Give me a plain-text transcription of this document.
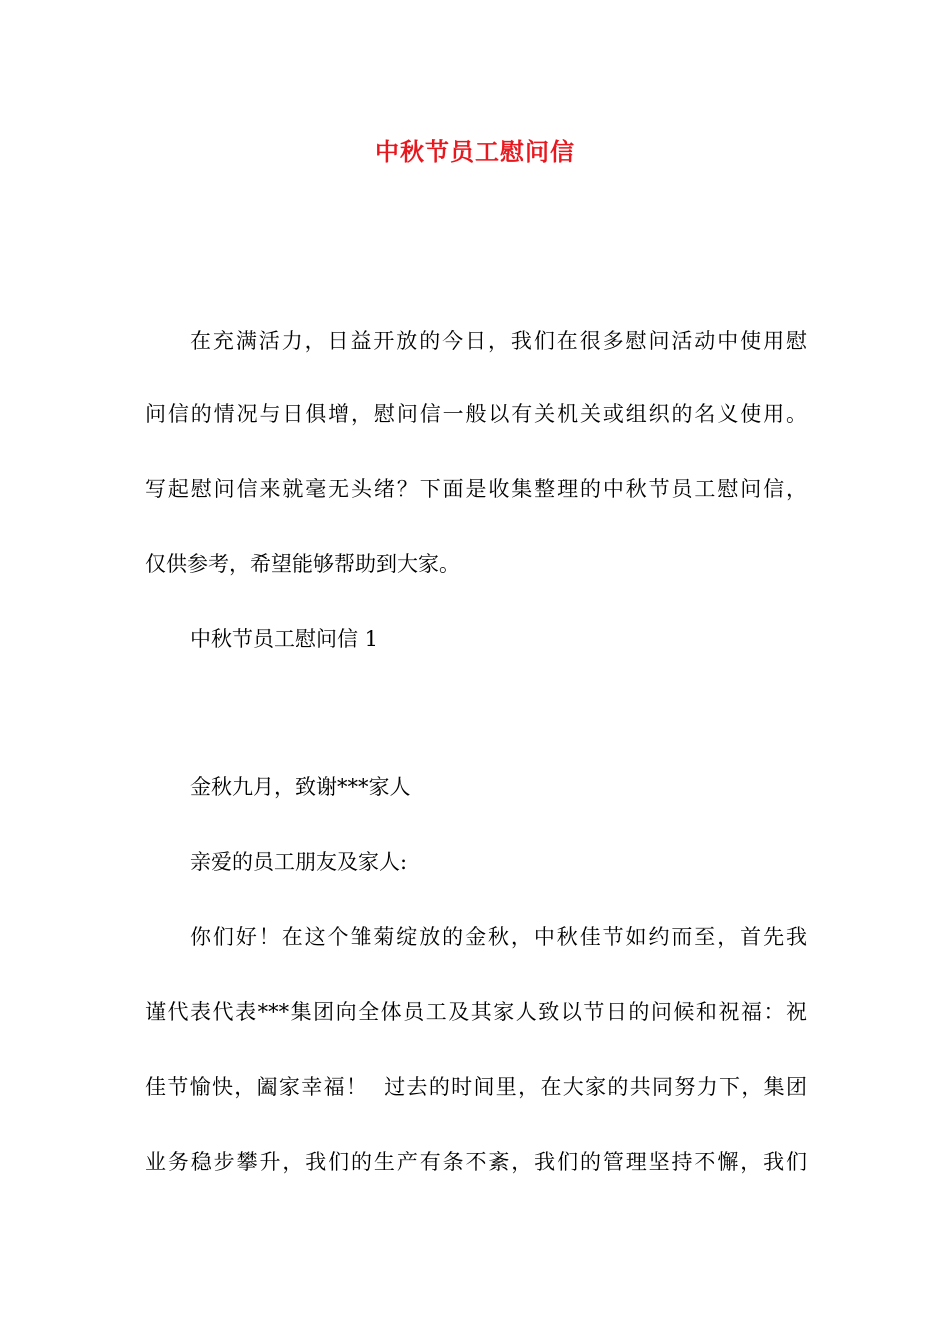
中秋节员工慰问信
在充满活力，日益开放的今日，我们在很多慰问活动中使用慰
问信的情况与日俱增，慰问信一般以有关机关或组织的名义使用。
写起慰问信来就毫无头绪？下面是收集整理的中秋节员工慰问信，
仅供参考，希望能够帮助到大家。
中秋节员工慰问信 1
金秋九月，致谢***家人
亲爱的员工朋友及家人:
你们好！在这个雏菊绽放的金秋，中秋佳节如约而至，首先我
谨代表代表***集团向全体员工及其家人致以节日的问候和祝福：祝
佳节愉快，阖家幸福！  过去的时间里，在大家的共同努力下，集团
业务稳步攀升，我们的生产有条不紊，我们的管理坚持不懈，我们
